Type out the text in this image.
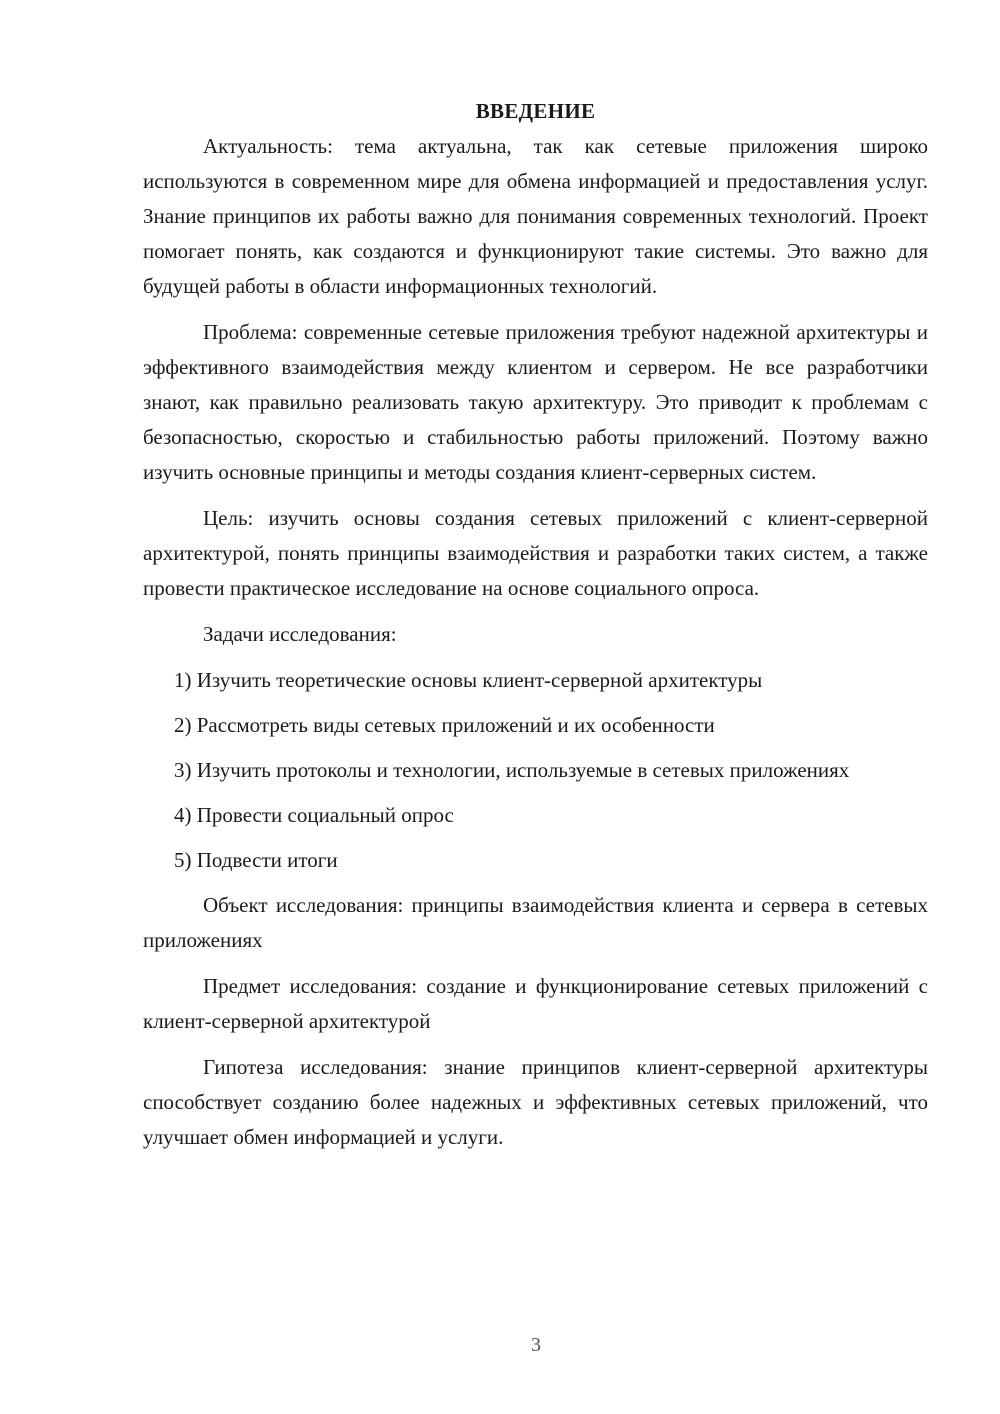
ВВЕДЕНИЕ

Актуальность: тема актуальна, так как сетевые приложения широко используются в современном мире для обмена информацией и предоставления услуг. Знание принципов их работы важно для понимания современных технологий. Проект помогает понять, как создаются и функционируют такие системы. Это важно для будущей работы в области информационных технологий.

Проблема: современные сетевые приложения требуют надежной архитектуры и эффективного взаимодействия между клиентом и сервером. Не все разработчики знают, как правильно реализовать такую архитектуру. Это приводит к проблемам с безопасностью, скоростью и стабильностью работы приложений. Поэтому важно изучить основные принципы и методы создания клиент-серверных систем.

Цель: изучить основы создания сетевых приложений с клиент-серверной архитектурой, понять принципы взаимодействия и разработки таких систем, а также провести практическое исследование на основе социального опроса.

Задачи исследования:

1) Изучить теоретические основы клиент-серверной архитектуры
2) Рассмотреть виды сетевых приложений и их особенности
3) Изучить протоколы и технологии, используемые в сетевых приложениях
4) Провести социальный опрос
5) Подвести итоги

Объект исследования: принципы взаимодействия клиента и сервера в сетевых приложениях

Предмет исследования: создание и функционирование сетевых приложений с клиент-серверной архитектурой

Гипотеза исследования: знание принципов клиент-серверной архитектуры способствует созданию более надежных и эффективных сетевых приложений, что улучшает обмен информацией и услуги.

3
